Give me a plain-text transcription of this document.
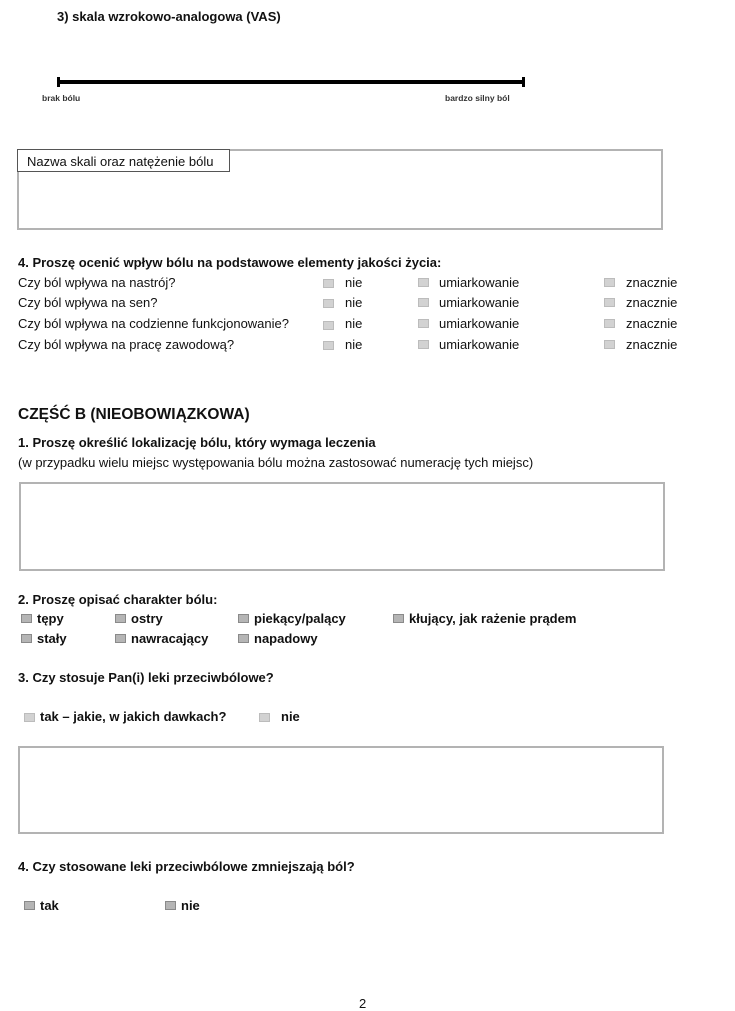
3) skala wzrokowo-analogowa (VAS)
brak bólu	bardzo silny ból
Nazwa skali oraz natężenie bólu
4. Proszę ocenić wpływ bólu na podstawowe elementy jakości życia:
Czy ból wpływa na nastrój?	nie	umiarkowanie	znacznie
Czy ból wpływa na sen?	nie	umiarkowanie	znacznie
Czy ból wpływa na codzienne funkcjonowanie?	nie	umiarkowanie	znacznie
Czy ból wpływa na pracę zawodową?	nie	umiarkowanie	znacznie
CZĘŚĆ B (NIEOBOWIĄZKOWA)
1. Proszę określić lokalizację bólu, który wymaga leczenia
(w przypadku wielu miejsc występowania bólu można zastosować numerację tych miejsc)
2. Proszę opisać charakter bólu:
tępy	ostry	piekący/palący	kłujący, jak rażenie prądem
stały	nawracający	napadowy
3. Czy stosuje Pan(i) leki przeciwbólowe?
tak – jakie, w jakich dawkach?	nie
4. Czy stosowane leki przeciwbólowe zmniejszają ból?
tak	nie
2
